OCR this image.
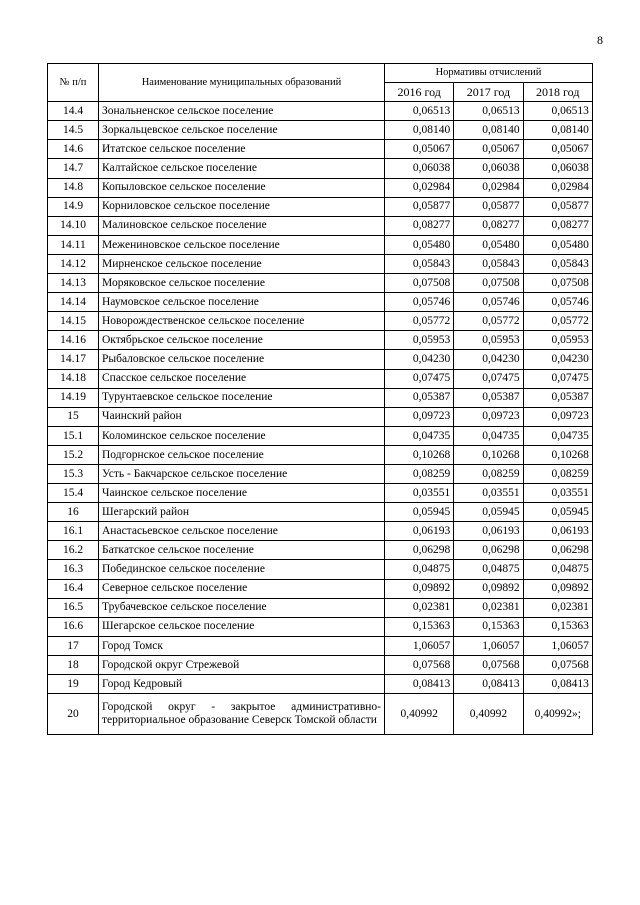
8
№ п/п	Наименование муниципальных образований	Нормативы отчислений		
		2016 год	2017 год	2018 год
14.4	Зональненское сельское поселение	0,06513	0,06513	0,06513
14.5	Зоркальцевское сельское поселение	0,08140	0,08140	0,08140
14.6	Итатское сельское поселение	0,05067	0,05067	0,05067
14.7	Калтайское сельское поселение	0,06038	0,06038	0,06038
14.8	Копыловское сельское поселение	0,02984	0,02984	0,02984
14.9	Корниловское сельское поселение	0,05877	0,05877	0,05877
14.10	Малиновское сельское поселение	0,08277	0,08277	0,08277
14.11	Межениновское сельское поселение	0,05480	0,05480	0,05480
14.12	Мирненское сельское поселение	0,05843	0,05843	0,05843
14.13	Моряковское сельское поселение	0,07508	0,07508	0,07508
14.14	Наумовское сельское поселение	0,05746	0,05746	0,05746
14.15	Новорождественское сельское поселение	0,05772	0,05772	0,05772
14.16	Октябрьское сельское поселение	0,05953	0,05953	0,05953
14.17	Рыбаловское сельское поселение	0,04230	0,04230	0,04230
14.18	Спасское сельское поселение	0,07475	0,07475	0,07475
14.19	Турунтаевское сельское поселение	0,05387	0,05387	0,05387
15	Чаинский район	0,09723	0,09723	0,09723
15.1	Коломинское сельское поселение	0,04735	0,04735	0,04735
15.2	Подгорнское сельское поселение	0,10268	0,10268	0,10268
15.3	Усть - Бакчарское сельское поселение	0,08259	0,08259	0,08259
15.4	Чаинское сельское поселение	0,03551	0,03551	0,03551
16	Шегарский район	0,05945	0,05945	0,05945
16.1	Анастасьевское сельское поселение	0,06193	0,06193	0,06193
16.2	Баткатское сельское поселение	0,06298	0,06298	0,06298
16.3	Побединское сельское поселение	0,04875	0,04875	0,04875
16.4	Северное сельское поселение	0,09892	0,09892	0,09892
16.5	Трубачевское сельское поселение	0,02381	0,02381	0,02381
16.6	Шегарское сельское поселение	0,15363	0,15363	0,15363
17	Город Томск	1,06057	1,06057	1,06057
18	Городской округ Стрежевой	0,07568	0,07568	0,07568
19	Город Кедровый	0,08413	0,08413	0,08413
20	Городской округ - закрытое административно-территориальное образование Северск Томской области	0,40992	0,40992	0,40992»;
